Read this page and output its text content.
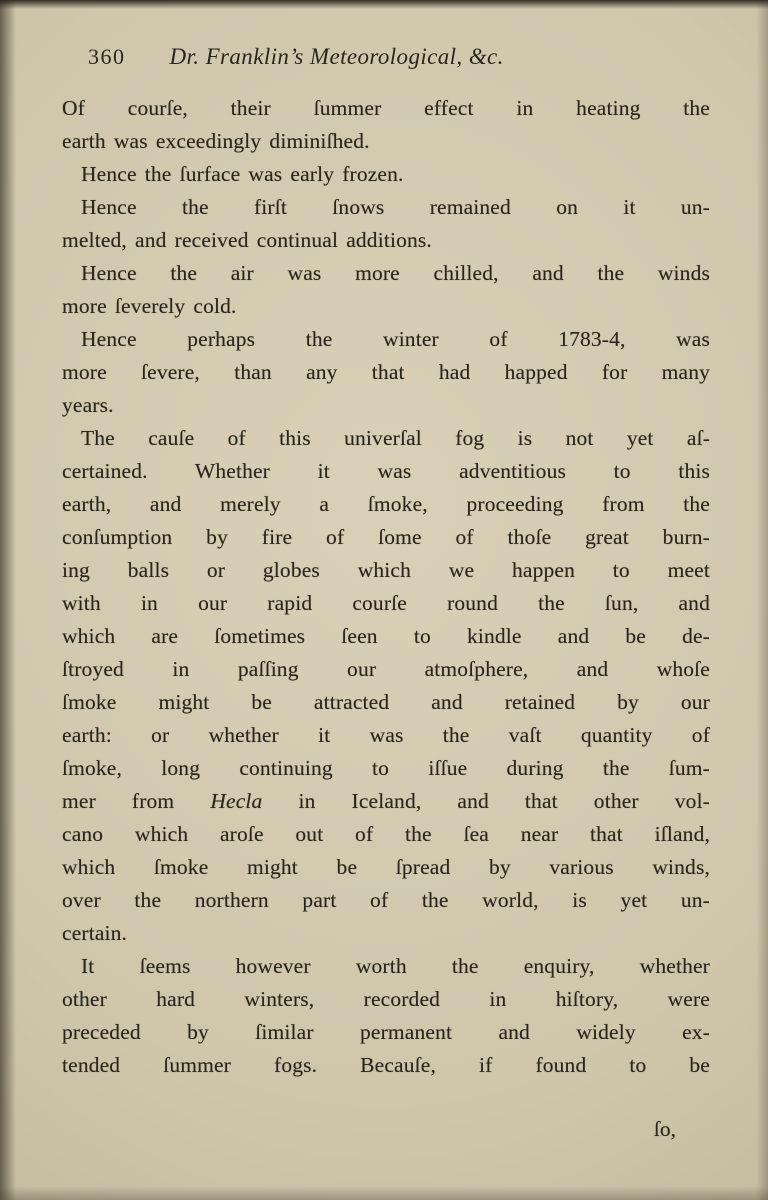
360 Dr. Franklin’s Meteorological, &c.
Of courſe, their ſummer effect in heating the
earth was exceedingly diminiſhed.
Hence the ſurface was early frozen.
Hence the firſt ſnows remained on it un-
melted, and received continual additions.
Hence the air was more chilled, and the winds
more ſeverely cold.
Hence perhaps the winter of 1783-4, was
more ſevere, than any that had happed for many
years.
The cauſe of this univerſal fog is not yet aſ-
certained. Whether it was adventitious to this
earth, and merely a ſmoke, proceeding from the
conſumption by fire of ſome of thoſe great burn-
ing balls or globes which we happen to meet
with in our rapid courſe round the ſun, and
which are ſometimes ſeen to kindle and be de-
ſtroyed in paſſing our atmoſphere, and whoſe
ſmoke might be attracted and retained by our
earth: or whether it was the vaſt quantity of
ſmoke, long continuing to iſſue during the ſum-
mer from Hecla in Iceland, and that other vol-
cano which aroſe out of the ſea near that iſland,
which ſmoke might be ſpread by various winds,
over the northern part of the world, is yet un-
certain.
It ſeems however worth the enquiry, whether
other hard winters, recorded in hiſtory, were
preceded by ſimilar permanent and widely ex-
tended ſummer fogs. Becauſe, if found to be
ſo,
